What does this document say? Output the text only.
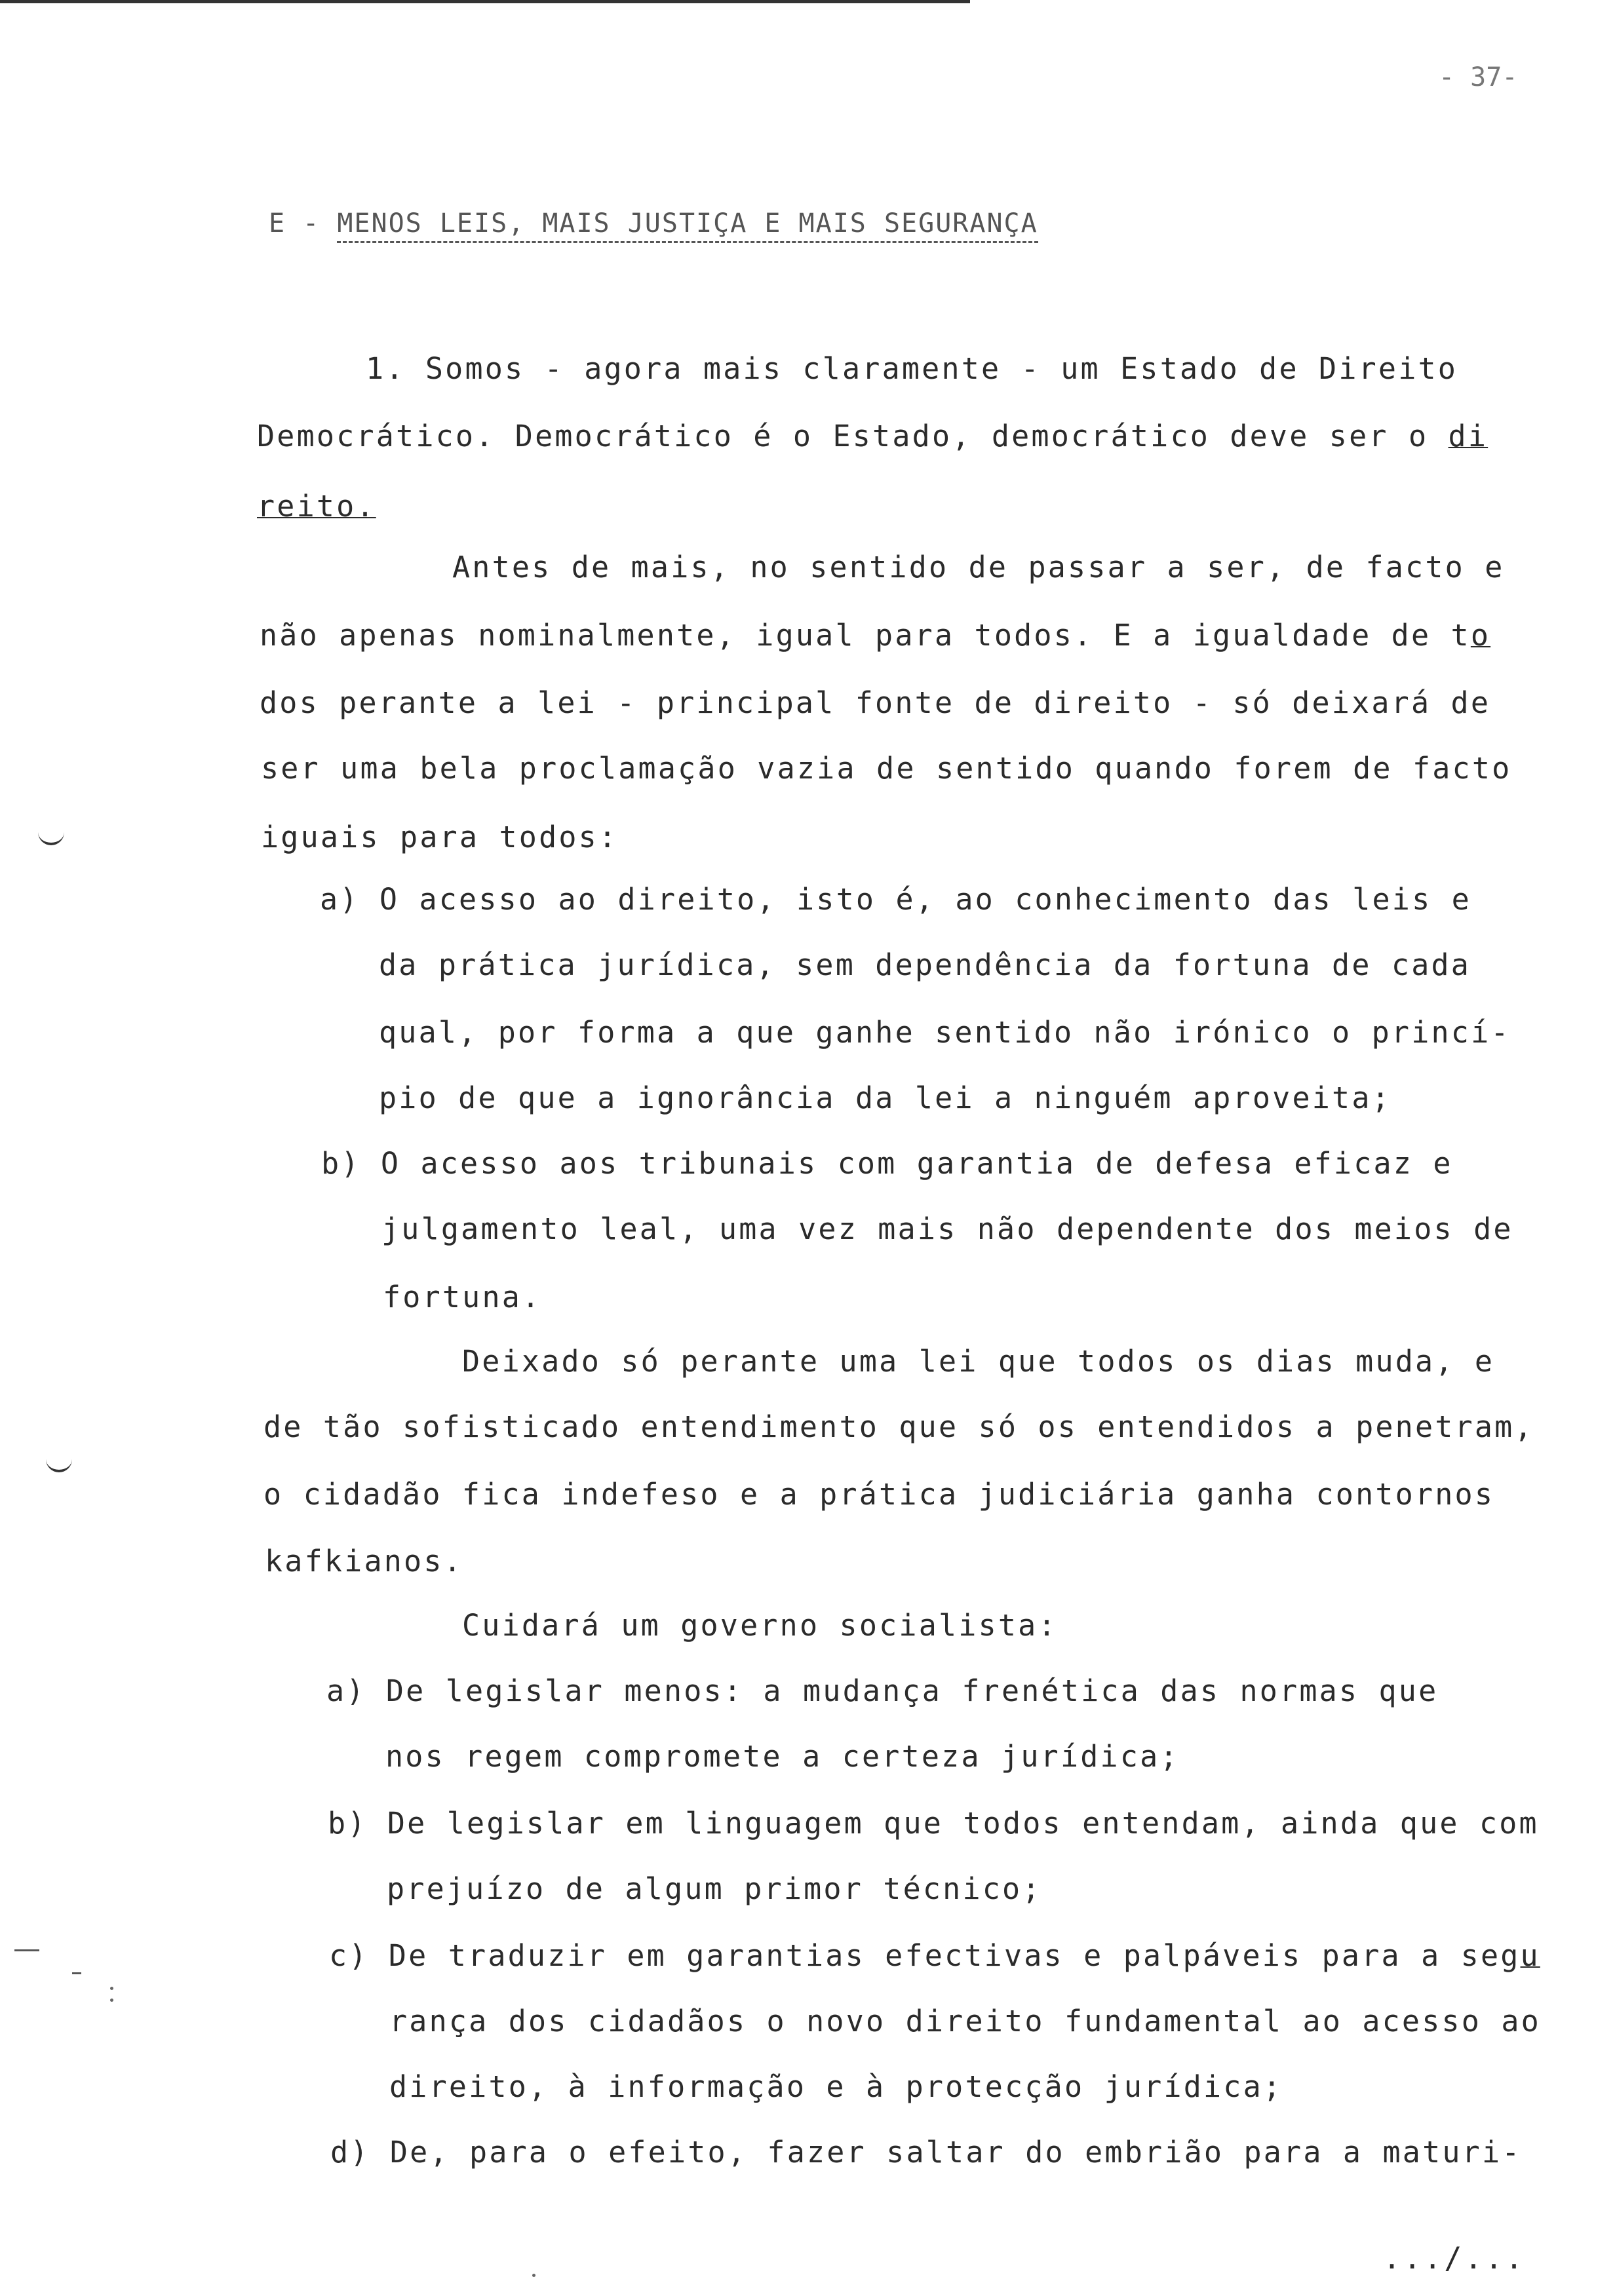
- 37-
E - MENOS LEIS, MAIS JUSTIÇA E MAIS SEGURANÇA
1. Somos - agora mais claramente - um Estado de Direito
Democrático. Democrático é o Estado, democrático deve ser o di
reito.
Antes de mais, no sentido de passar a ser, de facto e
não apenas nominalmente, igual para todos. E a igualdade de to
dos perante a lei - principal fonte de direito - só deixará de
ser uma bela proclamação vazia de sentido quando forem de facto
iguais para todos:
a) O acesso ao direito, isto é, ao conhecimento das leis e
da prática jurídica, sem dependência da fortuna de cada
qual, por forma a que ganhe sentido não irónico o princí-
pio de que a ignorância da lei a ninguém aproveita;
b) O acesso aos tribunais com garantia de defesa eficaz e
julgamento leal, uma vez mais não dependente dos meios de
fortuna.
Deixado só perante uma lei que todos os dias muda, e
de tão sofisticado entendimento que só os entendidos a penetram,
o cidadão fica indefeso e a prática judiciária ganha contornos
kafkianos.
Cuidará um governo socialista:
a) De legislar menos: a mudança frenética das normas que
nos regem compromete a certeza jurídica;
b) De legislar em linguagem que todos entendam, ainda que com
prejuízo de algum primor técnico;
c) De traduzir em garantias efectivas e palpáveis para a segu
rança dos cidadãos o novo direito fundamental ao acesso ao
direito, à informação e à protecção jurídica;
d) De, para o efeito, fazer saltar do embrião para a maturi-
.../...
